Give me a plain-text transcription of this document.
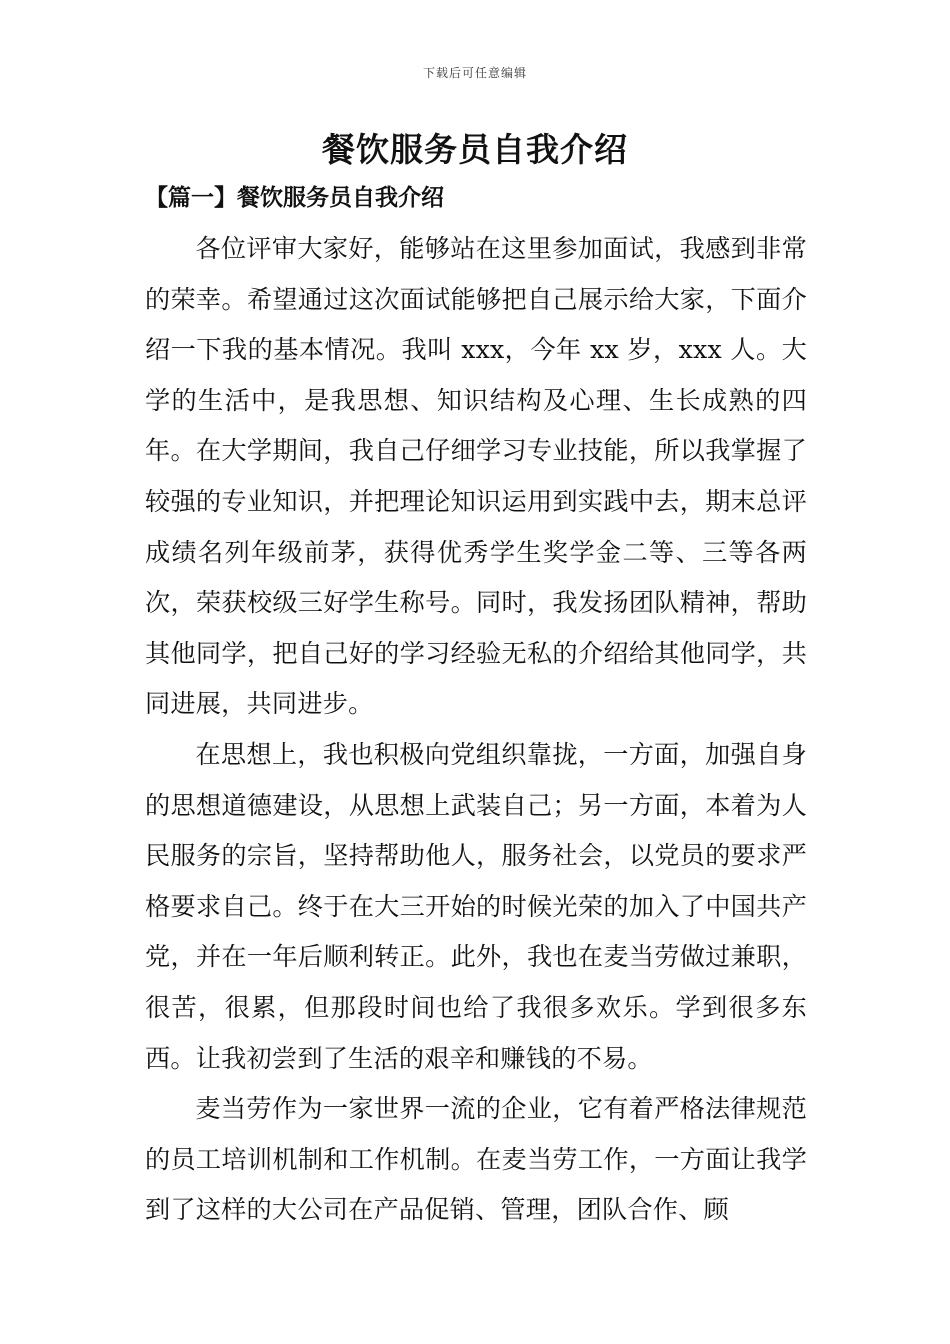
下载后可任意编辑
餐饮服务员自我介绍
【篇一】餐饮服务员自我介绍

各位评审大家好，能够站在这里参加面试，我感到非常的荣幸。希望通过这次面试能够把自己展示给大家，下面介绍一下我的基本情况。我叫 xxx，今年 xx 岁，xxx 人。大学的生活中，是我思想、知识结构及心理、生长成熟的四年。在大学期间，我自己仔细学习专业技能，所以我掌握了较强的专业知识，并把理论知识运用到实践中去，期末总评成绩名列年级前茅，获得优秀学生奖学金二等、三等各两次，荣获校级三好学生称号。同时，我发扬团队精神，帮助其他同学，把自己好的学习经验无私的介绍给其他同学，共同进展，共同进步。

在思想上，我也积极向党组织靠拢，一方面，加强自身的思想道德建设，从思想上武装自己；另一方面，本着为人民服务的宗旨，坚持帮助他人，服务社会，以党员的要求严格要求自己。终于在大三开始的时候光荣的加入了中国共产党，并在一年后顺利转正。此外，我也在麦当劳做过兼职，很苦，很累，但那段时间也给了我很多欢乐。学到很多东西。让我初尝到了生活的艰辛和赚钱的不易。

麦当劳作为一家世界一流的企业，它有着严格法律规范的员工培训机制和工作机制。在麦当劳工作，一方面让我学到了这样的大公司在产品促销、管理，团队合作、顾
